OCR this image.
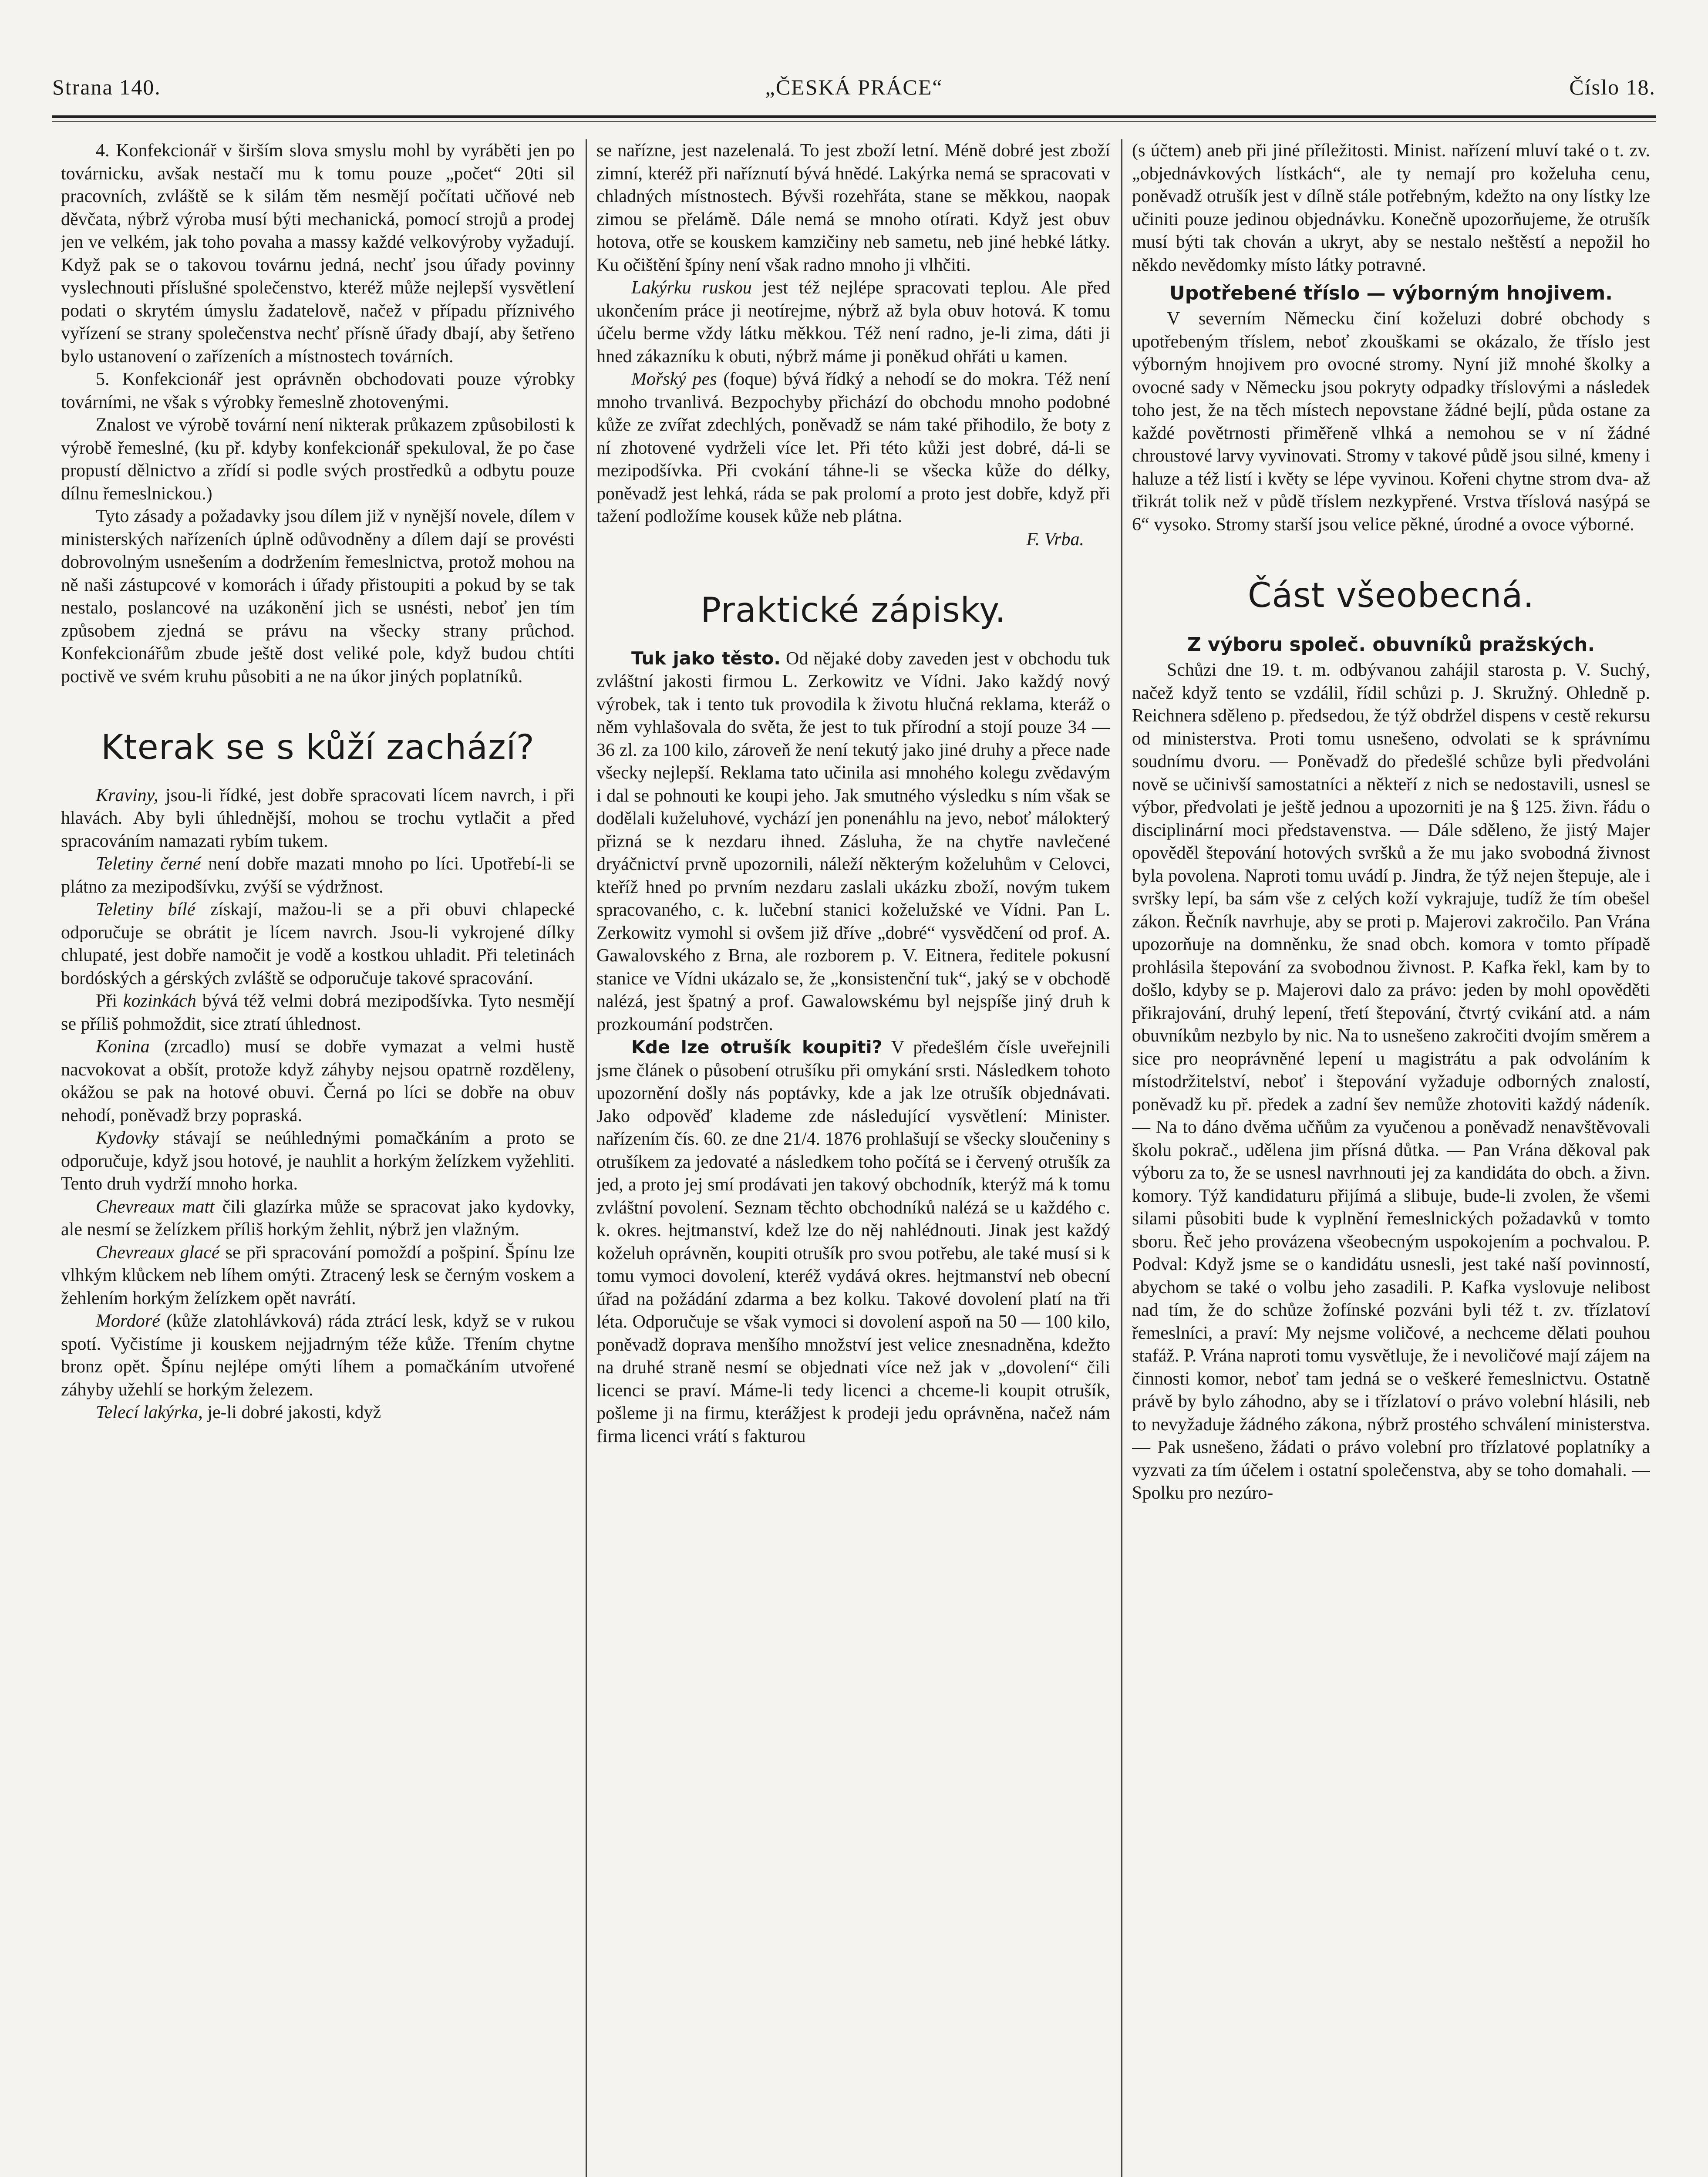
Strana 140.	„ČESKÁ PRÁCE“	Číslo 18.

4. Konfekcionář v širším slova smyslu mohl by vyráběti jen po továrnicku, avšak nestačí mu k tomu pouze „počet“ 20ti sil pracovních, zvláště se k silám těm nesmějí počítati učňové neb děvčata, nýbrž výroba musí býti mechanická, pomocí strojů a prodej jen ve velkém, jak toho povaha a massy každé velkovýroby vyžadují. Když pak se o takovou továrnu jedná, nechť jsou úřady povinny vyslechnouti příslušné společenstvo, kteréž může nejlepší vysvětlení podati o skrytém úmyslu žadatelově, načež v případu příznivého vyřízení se strany společenstva nechť přísně úřady dbají, aby šetřeno bylo ustanovení o zařízeních a místnostech továrních.

5. Konfekcionář jest oprávněn obchodovati pouze výrobky továrními, ne však s výrobky řemeslně zhotovenými.

Znalost ve výrobě tovární není nikterak průkazem způsobilosti k výrobě řemeslné, (ku př. kdyby konfekcionář spekuloval, že po čase propustí dělnictvo a zřídí si podle svých prostředků a odbytu pouze dílnu řemeslnickou.)

Tyto zásady a požadavky jsou dílem již v nynější novele, dílem v ministerských nařízeních úplně odůvodněny a dílem dají se provésti dobrovolným usnešením a dodržením řemeslnictva, protož mohou na ně naši zástupcové v komorách i úřady přistoupiti a pokud by se tak nestalo, poslancové na uzákonění jich se usnésti, neboť jen tím způsobem zjedná se právu na všecky strany průchod. Konfekcionářům zbude ještě dost veliké pole, když budou chtíti poctivě ve svém kruhu působiti a ne na úkor jiných poplatníků.

Kterak se s kůží zachází?

Kraviny, jsou-li řídké, jest dobře spracovati lícem navrch, i při hlavách. Aby byli úhlednější, mohou se trochu vytlačit a před spracováním namazati rybím tukem.

Teletiny černé není dobře mazati mnoho po líci. Upotřebí-li se plátno za mezipodšívku, zvýší se výdržnost.

Teletiny bílé získají, mažou-li se a při obuvi chlapecké odporučuje se obrátit je lícem navrch. Jsou-li vykrojené dílky chlupaté, jest dobře namočit je vodě a kostkou uhladit. Při teletinách bordóských a gérských zvláště se odporučuje takové spracování.

Při kozinkách bývá též velmi dobrá mezipodšívka. Tyto nesmějí se příliš pohmoždit, sice ztratí úhlednost.

Konina (zrcadlo) musí se dobře vymazat a velmi hustě nacvokovat a obšít, protože když záhyby nejsou opatrně rozděleny, okážou se pak na hotové obuvi. Černá po líci se dobře na obuv nehodí, poněvadž brzy popraská.

Kydovky stávají se neúhlednými pomačkáním a proto se odporučuje, když jsou hotové, je nauhlit a horkým želízkem vyžehliti. Tento druh vydrží mnoho horka.

Chevreaux matt čili glazírka může se spracovat jako kydovky, ale nesmí se želízkem příliš horkým žehlit, nýbrž jen vlažným.

Chevreaux glacé se při spracování pomoždí a pošpiní. Špínu lze vlhkým klůckem neb líhem omýti. Ztracený lesk se černým voskem a žehlením horkým želízkem opět navrátí.

Mordoré (kůže zlatohlávková) ráda ztrácí lesk, když se v rukou spotí. Vyčistíme ji kouskem nejjadrným téže kůže. Třením chytne bronz opět. Špínu nejlépe omýti líhem a pomačkáním utvořené záhyby užehlí se horkým železem.

Telecí lakýrka, je-li dobré jakosti, když

se nařízne, jest nazelenalá. To jest zboží letní. Méně dobré jest zboží zimní, kteréž při naříznutí bývá hnědé. Lakýrka nemá se spracovati v chladných místnostech. Bývši rozehřáta, stane se měkkou, naopak zimou se přelámě. Dále nemá se mnoho otírati. Když jest obuv hotova, otře se kouskem kamzičiny neb sametu, neb jiné hebké látky. Ku očištění špíny není však radno mnoho ji vlhčiti.

Lakýrku ruskou jest též nejlépe spracovati teplou. Ale před ukončením práce ji neotírejme, nýbrž až byla obuv hotová. K tomu účelu berme vždy látku měkkou. Též není radno, je-li zima, dáti ji hned zákazníku k obuti, nýbrž máme ji poněkud ohřáti u kamen.

Mořský pes (foque) bývá řídký a nehodí se do mokra. Též není mnoho trvanlivá. Bezpochyby přichází do obchodu mnoho podobné kůže ze zvířat zdechlých, poněvadž se nám také přihodilo, že boty z ní zhotovené vydrželi více let. Při této kůži jest dobré, dá-li se mezipodšívka. Při cvokání táhne-li se všecka kůže do délky, poněvadž jest lehká, ráda se pak prolomí a proto jest dobře, když při tažení podložíme kousek kůže neb plátna.

F. Vrba.

Praktické zápisky.

Tuk jako těsto. Od nějaké doby zaveden jest v obchodu tuk zvláštní jakosti firmou L. Zerkowitz ve Vídni. Jako každý nový výrobek, tak i tento tuk provodila k životu hlučná reklama, kteráž o něm vyhlašovala do světa, že jest to tuk přírodní a stojí pouze 34 — 36 zl. za 100 kilo, zároveň že není tekutý jako jiné druhy a přece nade všecky nejlepší. Reklama tato učinila asi mnohého kolegu zvědavým i dal se pohnouti ke koupi jeho. Jak smutného výsledku s ním však se dodělali kuželuhové, vychází jen ponenáhlu na jevo, neboť málokterý přizná se k nezdaru ihned. Zásluha, že na chytře navlečené dryáčnictví prvně upozornili, náleží některým koželuhům v Celovci, kteříž hned po prvním nezdaru zaslali ukázku zboží, novým tukem spracovaného, c. k. lučební stanici koželužské ve Vídni. Pan L. Zerkowitz vymohl si ovšem již dříve „dobré“ vysvědčení od prof. A. Gawalovského z Brna, ale rozborem p. V. Eitnera, ředitele pokusní stanice ve Vídni ukázalo se, že „konsistenční tuk“, jaký se v obchodě nalézá, jest špatný a prof. Gawalowskému byl nejspíše jiný druh k prozkoumání podstrčen.

Kde lze otrušík koupiti? V předešlém čísle uveřejnili jsme článek o působení otrušíku při omykání srsti. Následkem tohoto upozornění došly nás poptávky, kde a jak lze otrušík objednávati. Jako odpověď klademe zde následující vysvětlení: Minister. nařízením čís. 60. ze dne 21/4. 1876 prohlašují se všecky sloučeniny s otrušíkem za jedovaté a následkem toho počítá se i červený otrušík za jed, a proto jej smí prodávati jen takový obchodník, kterýž má k tomu zvláštní povolení. Seznam těchto obchodníků nalézá se u každého c. k. okres. hejtmanství, kdež lze do něj nahlédnouti. Jinak jest každý koželuh oprávněn, koupiti otrušík pro svou potřebu, ale také musí si k tomu vymoci dovolení, kteréž vydává okres. hejtmanství neb obecní úřad na požádání zdarma a bez kolku. Takové dovolení platí na tři léta. Odporučuje se však vymoci si dovolení aspoň na 50 — 100 kilo, poněvadž doprava menšího množství jest velice znesnadněna, kdežto na druhé straně nesmí se objednati více než jak v „dovolení“ čili licenci se praví. Máme-li tedy licenci a chceme-li koupit otrušík, pošleme ji na firmu, kterážjest k prodeji jedu oprávněna, načež nám firma licenci vrátí s fakturou

(s účtem) aneb při jiné příležitosti. Minist. nařízení mluví také o t. zv. „objednávkových lístkách“, ale ty nemají pro koželuha cenu, poněvadž otrušík jest v dílně stále potřebným, kdežto na ony lístky lze učiniti pouze jedinou objednávku. Konečně upozorňujeme, že otrušík musí býti tak chován a ukryt, aby se nestalo neštěstí a nepožil ho někdo nevědomky místo látky potravné.

Upotřebené tříslo — výborným hnojivem.

V severním Německu činí koželuzi dobré obchody s upotřebeným tříslem, neboť zkouškami se okázalo, že tříslo jest výborným hnojivem pro ovocné stromy. Nyní již mnohé školky a ovocné sady v Německu jsou pokryty odpadky tříslovými a následek toho jest, že na těch místech nepovstane žádné bejlí, půda ostane za každé povětrnosti přiměřeně vlhká a nemohou se v ní žádné chroustové larvy vyvinovati. Stromy v takové půdě jsou silné, kmeny i haluze a též listí i květy se lépe vyvinou. Kořeni chytne strom dva- až třikrát tolik než v půdě tříslem nezkypřené. Vrstva tříslová nasýpá se 6“ vysoko. Stromy starší jsou velice pěkné, úrodné a ovoce výborné.

Část všeobecná.
Z výboru společ. obuvníků pražských.

Schůzi dne 19. t. m. odbývanou zahájil starosta p. V. Suchý, načež když tento se vzdálil, řídil schůzi p. J. Skružný. Ohledně p. Reichnera sděleno p. předsedou, že týž obdržel dispens v cestě rekursu od ministerstva. Proti tomu usnešeno, odvolati se k správnímu soudnímu dvoru. — Poněvadž do předešlé schůze byli předvoláni nově se učinivší samostatníci a někteří z nich se nedostavili, usnesl se výbor, předvolati je ještě jednou a upozorniti je na § 125. živn. řádu o disciplinární moci představenstva. — Dále sděleno, že jistý Majer opověděl štepování hotových svršků a že mu jako svobodná živnost byla povolena. Naproti tomu uvádí p. Jindra, že týž nejen štepuje, ale i svršky lepí, ba sám vše z celých koží vykrajuje, tudíž že tím obešel zákon. Řečník navrhuje, aby se proti p. Majerovi zakročilo. Pan Vrána upozorňuje na domněnku, že snad obch. komora v tomto případě prohlásila štepování za svobodnou živnost. P. Kafka řekl, kam by to došlo, kdyby se p. Majerovi dalo za právo: jeden by mohl opověděti přikrajování, druhý lepení, třetí štepování, čtvrtý cvikání atd. a nám obuvníkům nezbylo by nic. Na to usnešeno zakročiti dvojím směrem a sice pro neoprávněné lepení u magistrátu a pak odvoláním k místodržitelství, neboť i štepování vyžaduje odborných znalostí, poněvadž ku př. předek a zadní šev nemůže zhotoviti každý nádeník. — Na to dáno dvěma učňům za vyučenou a poněvadž nenavštěvovali školu pokrač., udělena jim přísná důtka. — Pan Vrána děkoval pak výboru za to, že se usnesl navrhnouti jej za kandidáta do obch. a živn. komory. Týž kandidaturu přijímá a slibuje, bude-li zvolen, že všemi silami působiti bude k vyplnění řemeslnických požadavků v tomto sboru. Řeč jeho provázena všeobecným uspokojením a pochvalou. P. Podval: Když jsme se o kandidátu usnesli, jest také naší povinností, abychom se také o volbu jeho zasadili. P. Kafka vyslovuje nelibost nad tím, že do schůze žofínské pozváni byli též t. zv. třízlatoví řemeslníci, a praví: My nejsme voličové, a nechceme dělati pouhou stafáž. P. Vrána naproti tomu vysvětluje, že i nevoličové mají zájem na činnosti komor, neboť tam jedná se o veškeré řemeslnictvu. Ostatně právě by bylo záhodno, aby se i třízlatoví o právo volební hlásili, neb to nevyžaduje žádného zákona, nýbrž prostého schválení ministerstva. — Pak usnešeno, žádati o právo volební pro třízlatové poplatníky a vyzvati za tím účelem i ostatní společenstva, aby se toho domahali. — Spolku pro nezúro-
